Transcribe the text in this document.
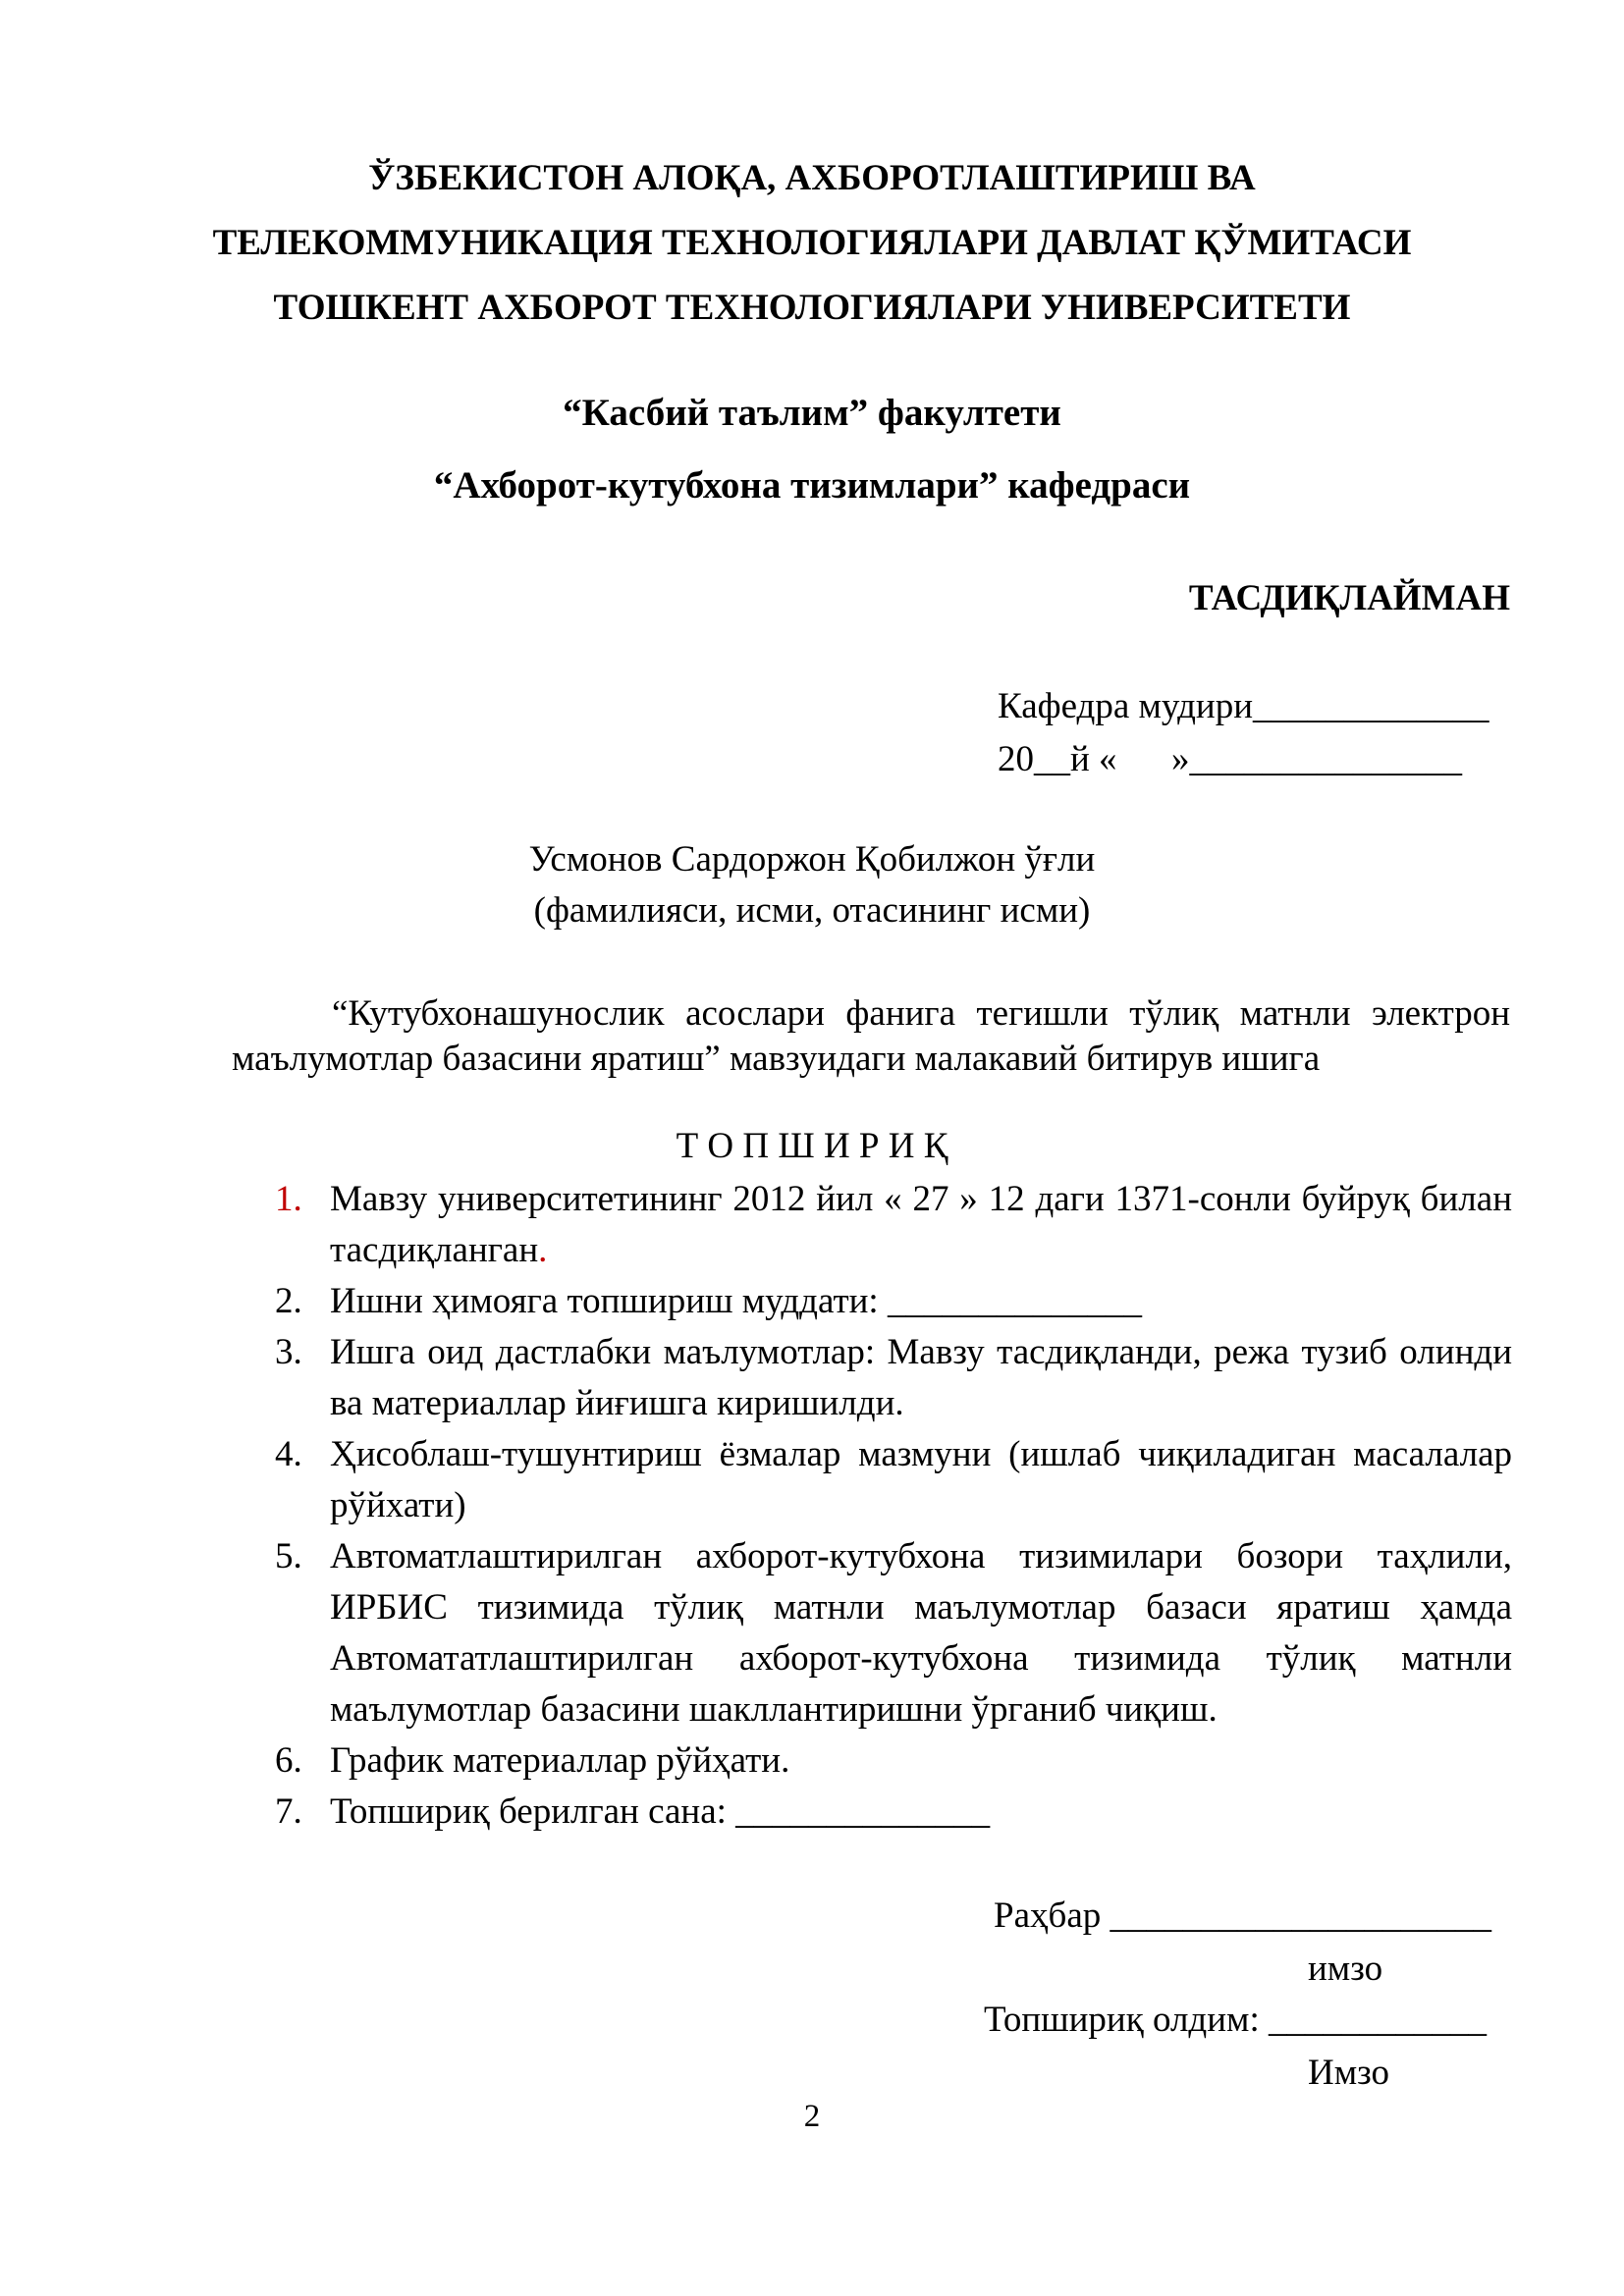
ЎЗБЕКИСТОН АЛОҚА, АХБОРОТЛАШТИРИШ ВА
ТЕЛЕКОММУНИКАЦИЯ ТЕХНОЛОГИЯЛАРИ ДАВЛАТ ҚЎМИТАСИ
ТОШКЕНТ АХБОРОТ ТЕХНОЛОГИЯЛАРИ УНИВЕРСИТЕТИ
“Касбий таълим” факултети
“Ахборот-кутубхона тизимлари” кафедраси
ТАСДИҚЛАЙМАН
Кафедра мудири_____________
20__й «      »_______________
Усмонов Сардоржон Қобилжон ўғли
(фамилияси, исми, отасининг исми)
“Кутубхонашунослик асослари фанига тегишли тўлиқ матнли электрон
маълумотлар базасини яратиш” мавзуидаги малакавий битирув ишига
Т О П Ш И Р И Қ
1. Мавзу университетининг 2012 йил « 27 » 12 даги 1371-сонли буйруқ билан тасдиқланган.
2. Ишни ҳимояга топшириш муддати: ______________
3. Ишга оид дастлабки маълумотлар: Мавзу тасдиқланди, режа тузиб олинди ва материаллар йиғишга киришилди.
4. Ҳисоблаш-тушунтириш ёзмалар мазмуни (ишлаб чиқиладиган масалалар рўйхати)
5. Автоматлаштирилган ахборот-кутубхона тизимилари бозори таҳлили, ИРБИС тизимида тўлиқ матнли маълумотлар базаси яратиш ҳамда Автомататлаштирилган ахборот-кутубхона тизимида тўлиқ матнли маълумотлар базасини шакллантиришни ўрганиб чиқиш.
6. График материаллар рўйҳати.
7. Топшириқ берилган сана: ______________
Раҳбар _____________________
имзо
Топшириқ олдим: ____________
Имзо
2
